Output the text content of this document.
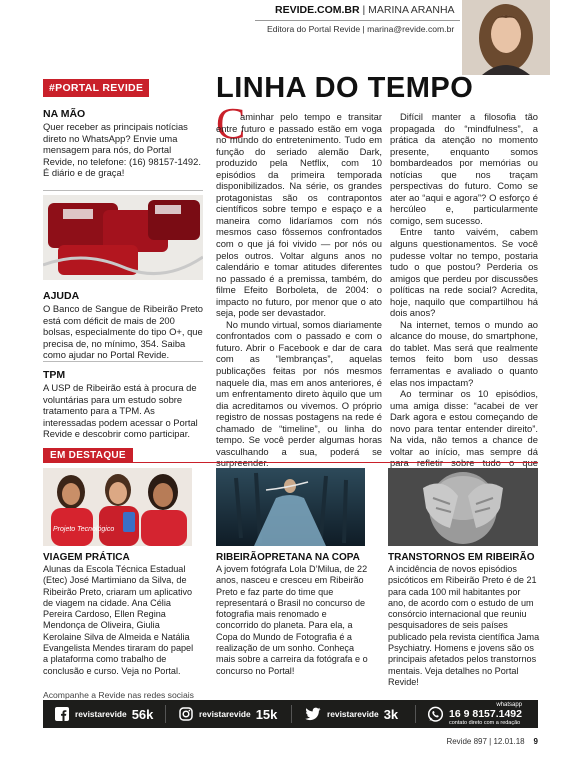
REVIDE.COM.BR | MARINA ARANHA
Editora do Portal Revide | marina@revide.com.br
#PORTAL REVIDE
NA MÃO
Quer receber as principais notícias direto no WhatsApp? Envie uma mensagem para nós, do Portal Revide, no telefone: (16) 98157-1492. É diário e de graça!
AJUDA
O Banco de Sangue de Ribeirão Preto está com déficit de mais de 200 bolsas, especialmente do tipo O+, que precisa de, no mínimo, 354. Saiba como ajudar no Portal Revide.
TPM
A USP de Ribeirão está à procura de voluntárias para um estudo sobre tratamento para a TPM. As interessadas podem acessar o Portal Revide e descobrir como participar.
LINHA DO TEMPO
C

aminhar pelo tempo e transitar entre futuro e passado estão em voga no mundo do entretenimento. Tudo em função do seriado alemão Dark, produzido pela Netflix, com 10 episódios da primeira temporada disponibilizados. Na série, os grandes protagonistas são os contrapontos científicos sobre tempo e espaço e a maneira como lidaríamos com nós mesmos caso fôssemos confrontados com o que já foi vivido — por nós ou pelos outros. Voltar alguns anos no calendário e tomar atitudes diferentes no passado é a premissa, também, do filme Efeito Borboleta, de 2004: o impacto no futuro, por menor que o ato seja, pode ser devastador.

No mundo virtual, somos diariamente confrontados com o passado e com o futuro. Abrir o Facebook e dar de cara com as “lembranças”, aquelas publicações feitas por nós mesmos naquele dia, mas em anos anteriores, é um enfrentamento direto àquilo que um dia acreditamos ou vivemos. O próprio registro de nossas postagens na rede é chamado de “timeline”, ou linha do tempo. Se você perder algumas horas vasculhando a sua, poderá se surpreender.

Difícil manter a filosofia tão propagada do “mindfulness”, a prática da atenção no momento presente, enquanto somos bombardeados por memórias ou notícias que nos traçam perspectivas do futuro. Como se ater ao “aqui e agora”? O esforço é hercúleo e, particularmente comigo, sem sucesso.

Entre tanto vaivém, cabem alguns questionamentos. Se você pudesse voltar no tempo, postaria tudo o que postou? Perderia os amigos que perdeu por discussões políticas na rede social? Acredita, hoje, naquilo que compartilhou há dois anos?

Na internet, temos o mundo ao alcance do mouse, do smartphone, do tablet. Mas será que realmente temos feito bom uso dessas ferramentas e avaliado o quanto elas nos impactam?

Ao terminar os 10 episódios, uma amiga disse: “acabei de ver Dark agora e estou começando de novo para tentar entender direito”. Na vida, não temos a chance de voltar ao início, mas sempre dá para refletir sobre tudo o que

EM DESTAQUE
Projeto Tecnológico
VIAGEM PRÁTICA
Alunas da Escola Técnica Estadual (Etec) José Martimiano da Silva, de Ribeirão Preto, criaram um aplicativo de viagem na cidade. Ana Célia Pereira Cardoso, Ellen Regina Mendonça de Oliveira, Giulia Kerolaine Silva de Almeida e Natália Evangelista Mendes tiraram do papel a plataforma como trabalho de conclusão e curso. Veja no Portal.
RIBEIRÃOPRETANA NA COPA
A jovem fotógrafa Lola D’Milua, de 22 anos, nasceu e cresceu em Ribeirão Preto e faz parte do time que representará o Brasil no concurso de fotografia mais renomado e concorrido do planeta. Para ela, a Copa do Mundo de Fotografia é a realização de um sonho. Conheça mais sobre a carreira da fotógrafa e o concurso no Portal!
TRANSTORNOS EM RIBEIRÃO
A incidência de novos episódios psicóticos em Ribeirão Preto é de 21 para cada 100 mil habitantes por ano, de acordo com o estudo de um consórcio internacional que reuniu pesquisadores de seis países publicado pela revista científica Jama Psychiatry. Homens e jovens são os principais afetados pelos transtornos mentais. Veja detalhes no Portal Revide!
Acompanhe a Revide nas redes sociais
revistarevide 56k	revistarevide 15k	revistarevide 3k
whatsapp
16 9 8157.1492
contato direto com a redação
Revide 897 | 12.01.18 9
